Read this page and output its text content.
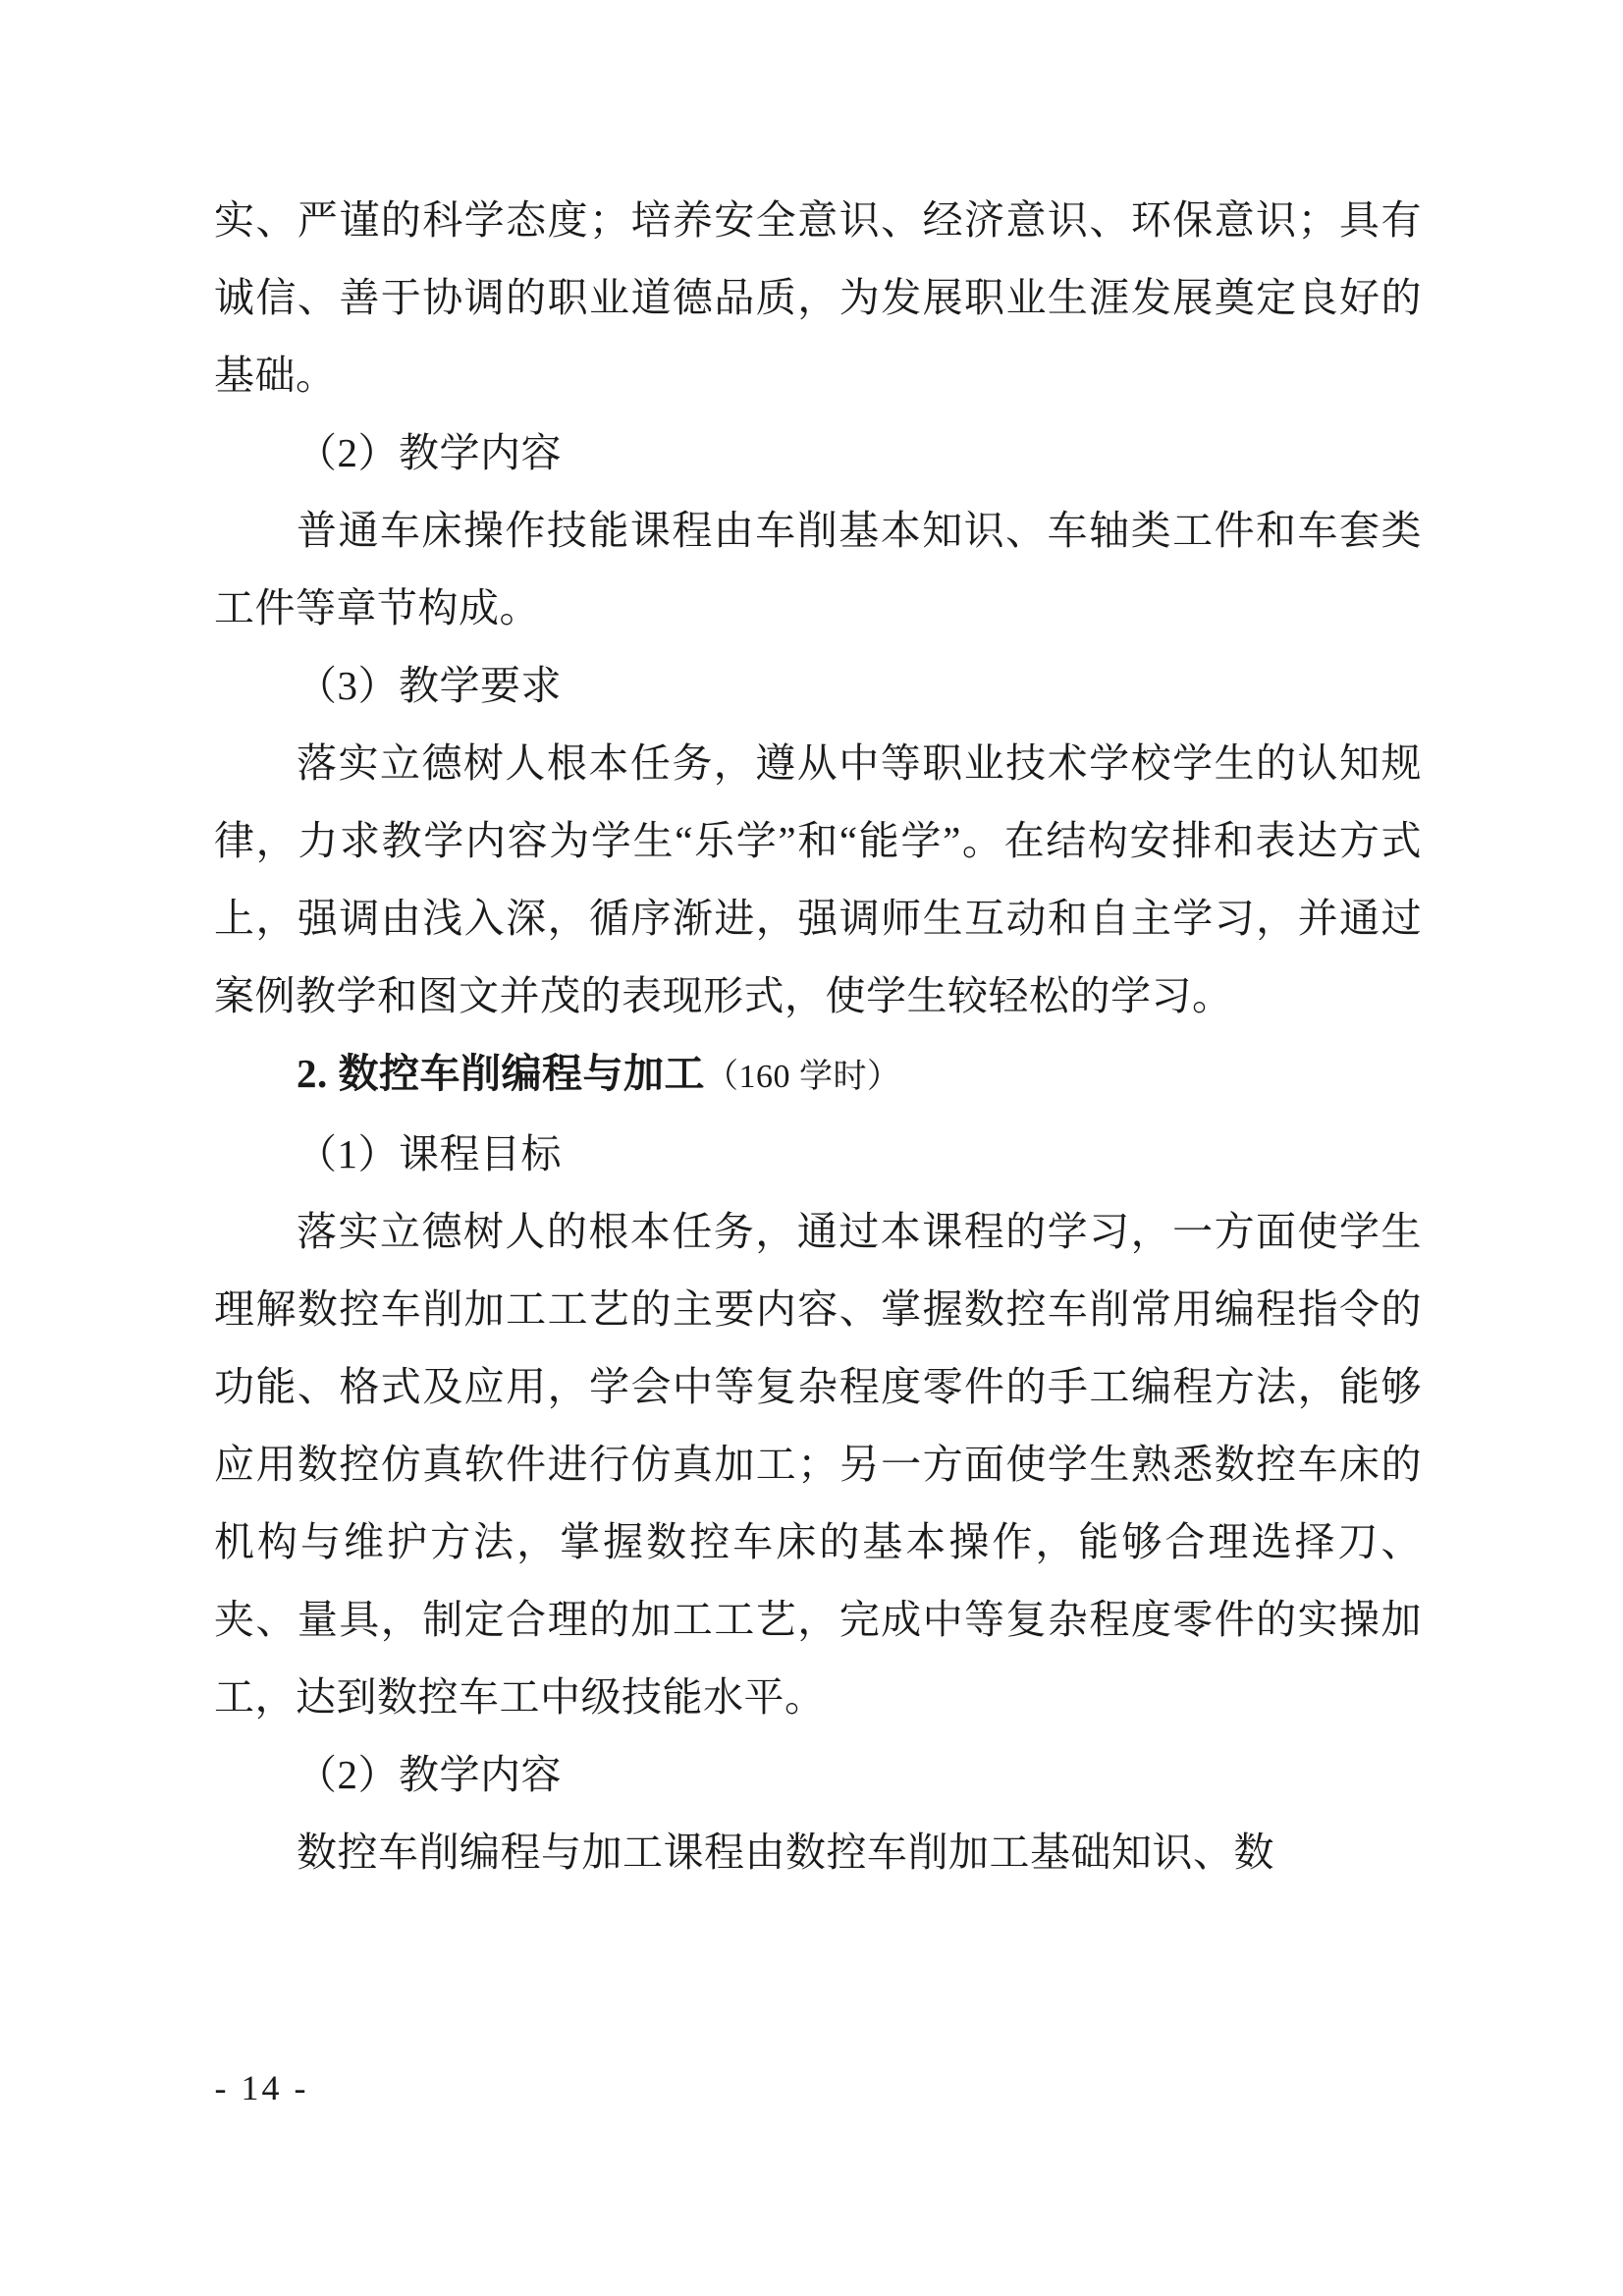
实、严谨的科学态度；培养安全意识、经济意识、环保意识；具有诚信、善于协调的职业道德品质，为发展职业生涯发展奠定良好的基础。

（2）教学内容

普通车床操作技能课程由车削基本知识、车轴类工件和车套类工件等章节构成。

（3）教学要求

落实立德树人根本任务，遵从中等职业技术学校学生的认知规律，力求教学内容为学生“乐学”和“能学”。在结构安排和表达方式上，强调由浅入深，循序渐进，强调师生互动和自主学习，并通过案例教学和图文并茂的表现形式，使学生较轻松的学习。

2. 数控车削编程与加工（160 学时）

（1）课程目标

落实立德树人的根本任务，通过本课程的学习，一方面使学生理解数控车削加工工艺的主要内容、掌握数控车削常用编程指令的功能、格式及应用，学会中等复杂程度零件的手工编程方法，能够应用数控仿真软件进行仿真加工；另一方面使学生熟悉数控车床的机构与维护方法，掌握数控车床的基本操作，能够合理选择刀、夹、量具，制定合理的加工工艺，完成中等复杂程度零件的实操加工，达到数控车工中级技能水平。

（2）教学内容

数控车削编程与加工课程由数控车削加工基础知识、数

- 14 -
